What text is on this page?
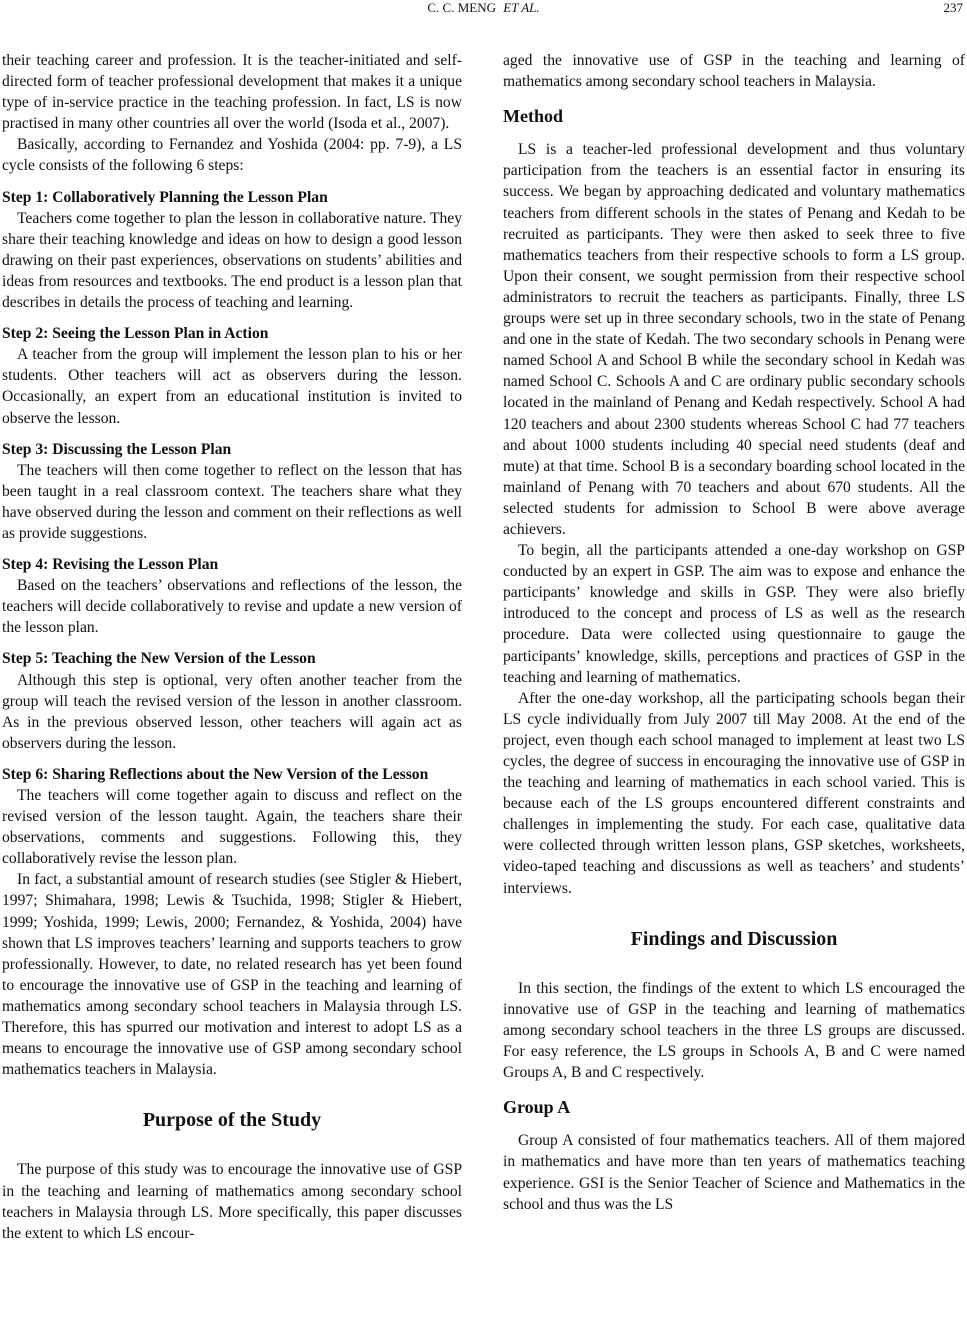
C. C. MENG ET AL.	237

their teaching career and profession. It is the teacher-initiated and self-directed form of teacher professional development that makes it a unique type of in-service practice in the teaching profession. In fact, LS is now practised in many other countries all over the world (Isoda et al., 2007).

Basically, according to Fernandez and Yoshida (2004: pp. 7-9), a LS cycle consists of the following 6 steps:

Step 1: Collaboratively Planning the Lesson Plan

Teachers come together to plan the lesson in collaborative nature. They share their teaching knowledge and ideas on how to design a good lesson drawing on their past experiences, observations on students’ abilities and ideas from resources and textbooks. The end product is a lesson plan that describes in details the process of teaching and learning.

Step 2: Seeing the Lesson Plan in Action

A teacher from the group will implement the lesson plan to his or her students. Other teachers will act as observers during the lesson. Occasionally, an expert from an educational institution is invited to observe the lesson.

Step 3: Discussing the Lesson Plan

The teachers will then come together to reflect on the lesson that has been taught in a real classroom context. The teachers share what they have observed during the lesson and comment on their reflections as well as provide suggestions.

Step 4: Revising the Lesson Plan

Based on the teachers’ observations and reflections of the lesson, the teachers will decide collaboratively to revise and update a new version of the lesson plan.

Step 5: Teaching the New Version of the Lesson

Although this step is optional, very often another teacher from the group will teach the revised version of the lesson in another classroom. As in the previous observed lesson, other teachers will again act as observers during the lesson.

Step 6: Sharing Reflections about the New Version of the Lesson

The teachers will come together again to discuss and reflect on the revised version of the lesson taught. Again, the teachers share their observations, comments and suggestions. Following this, they collaboratively revise the lesson plan.

In fact, a substantial amount of research studies (see Stigler & Hiebert, 1997; Shimahara, 1998; Lewis & Tsuchida, 1998; Stigler & Hiebert, 1999; Yoshida, 1999; Lewis, 2000; Fernandez, & Yoshida, 2004) have shown that LS improves teachers’ learning and supports teachers to grow professionally. However, to date, no related research has yet been found to encourage the innovative use of GSP in the teaching and learning of mathematics among secondary school teachers in Malaysia through LS. Therefore, this has spurred our motivation and interest to adopt LS as a means to encourage the innovative use of GSP among secondary school mathematics teachers in Malaysia.

Purpose of the Study

The purpose of this study was to encourage the innovative use of GSP in the teaching and learning of mathematics among secondary school teachers in Malaysia through LS. More specifically, this paper discusses the extent to which LS encour-

aged the innovative use of GSP in the teaching and learning of mathematics among secondary school teachers in Malaysia.

Method

LS is a teacher-led professional development and thus voluntary participation from the teachers is an essential factor in ensuring its success. We began by approaching dedicated and voluntary mathematics teachers from different schools in the states of Penang and Kedah to be recruited as participants. They were then asked to seek three to five mathematics teachers from their respective schools to form a LS group. Upon their consent, we sought permission from their respective school administrators to recruit the teachers as participants. Finally, three LS groups were set up in three secondary schools, two in the state of Penang and one in the state of Kedah. The two secondary schools in Penang were named School A and School B while the secondary school in Kedah was named School C. Schools A and C are ordinary public secondary schools located in the mainland of Penang and Kedah respectively. School A had 120 teachers and about 2300 students whereas School C had 77 teachers and about 1000 students including 40 special need students (deaf and mute) at that time. School B is a secondary boarding school located in the mainland of Penang with 70 teachers and about 670 students. All the selected students for admission to School B were above average achievers.

To begin, all the participants attended a one-day workshop on GSP conducted by an expert in GSP. The aim was to expose and enhance the participants’ knowledge and skills in GSP. They were also briefly introduced to the concept and process of LS as well as the research procedure. Data were collected using questionnaire to gauge the participants’ knowledge, skills, perceptions and practices of GSP in the teaching and learning of mathematics.

After the one-day workshop, all the participating schools began their LS cycle individually from July 2007 till May 2008. At the end of the project, even though each school managed to implement at least two LS cycles, the degree of success in encouraging the innovative use of GSP in the teaching and learning of mathematics in each school varied. This is because each of the LS groups encountered different constraints and challenges in implementing the study. For each case, qualitative data were collected through written lesson plans, GSP sketches, worksheets, video-taped teaching and discussions as well as teachers’ and students’ interviews.

Findings and Discussion

In this section, the findings of the extent to which LS encouraged the innovative use of GSP in the teaching and learning of mathematics among secondary school teachers in the three LS groups are discussed. For easy reference, the LS groups in Schools A, B and C were named Groups A, B and C respectively.

Group A

Group A consisted of four mathematics teachers. All of them majored in mathematics and have more than ten years of mathematics teaching experience. GSI is the Senior Teacher of Science and Mathematics in the school and thus was the LS
